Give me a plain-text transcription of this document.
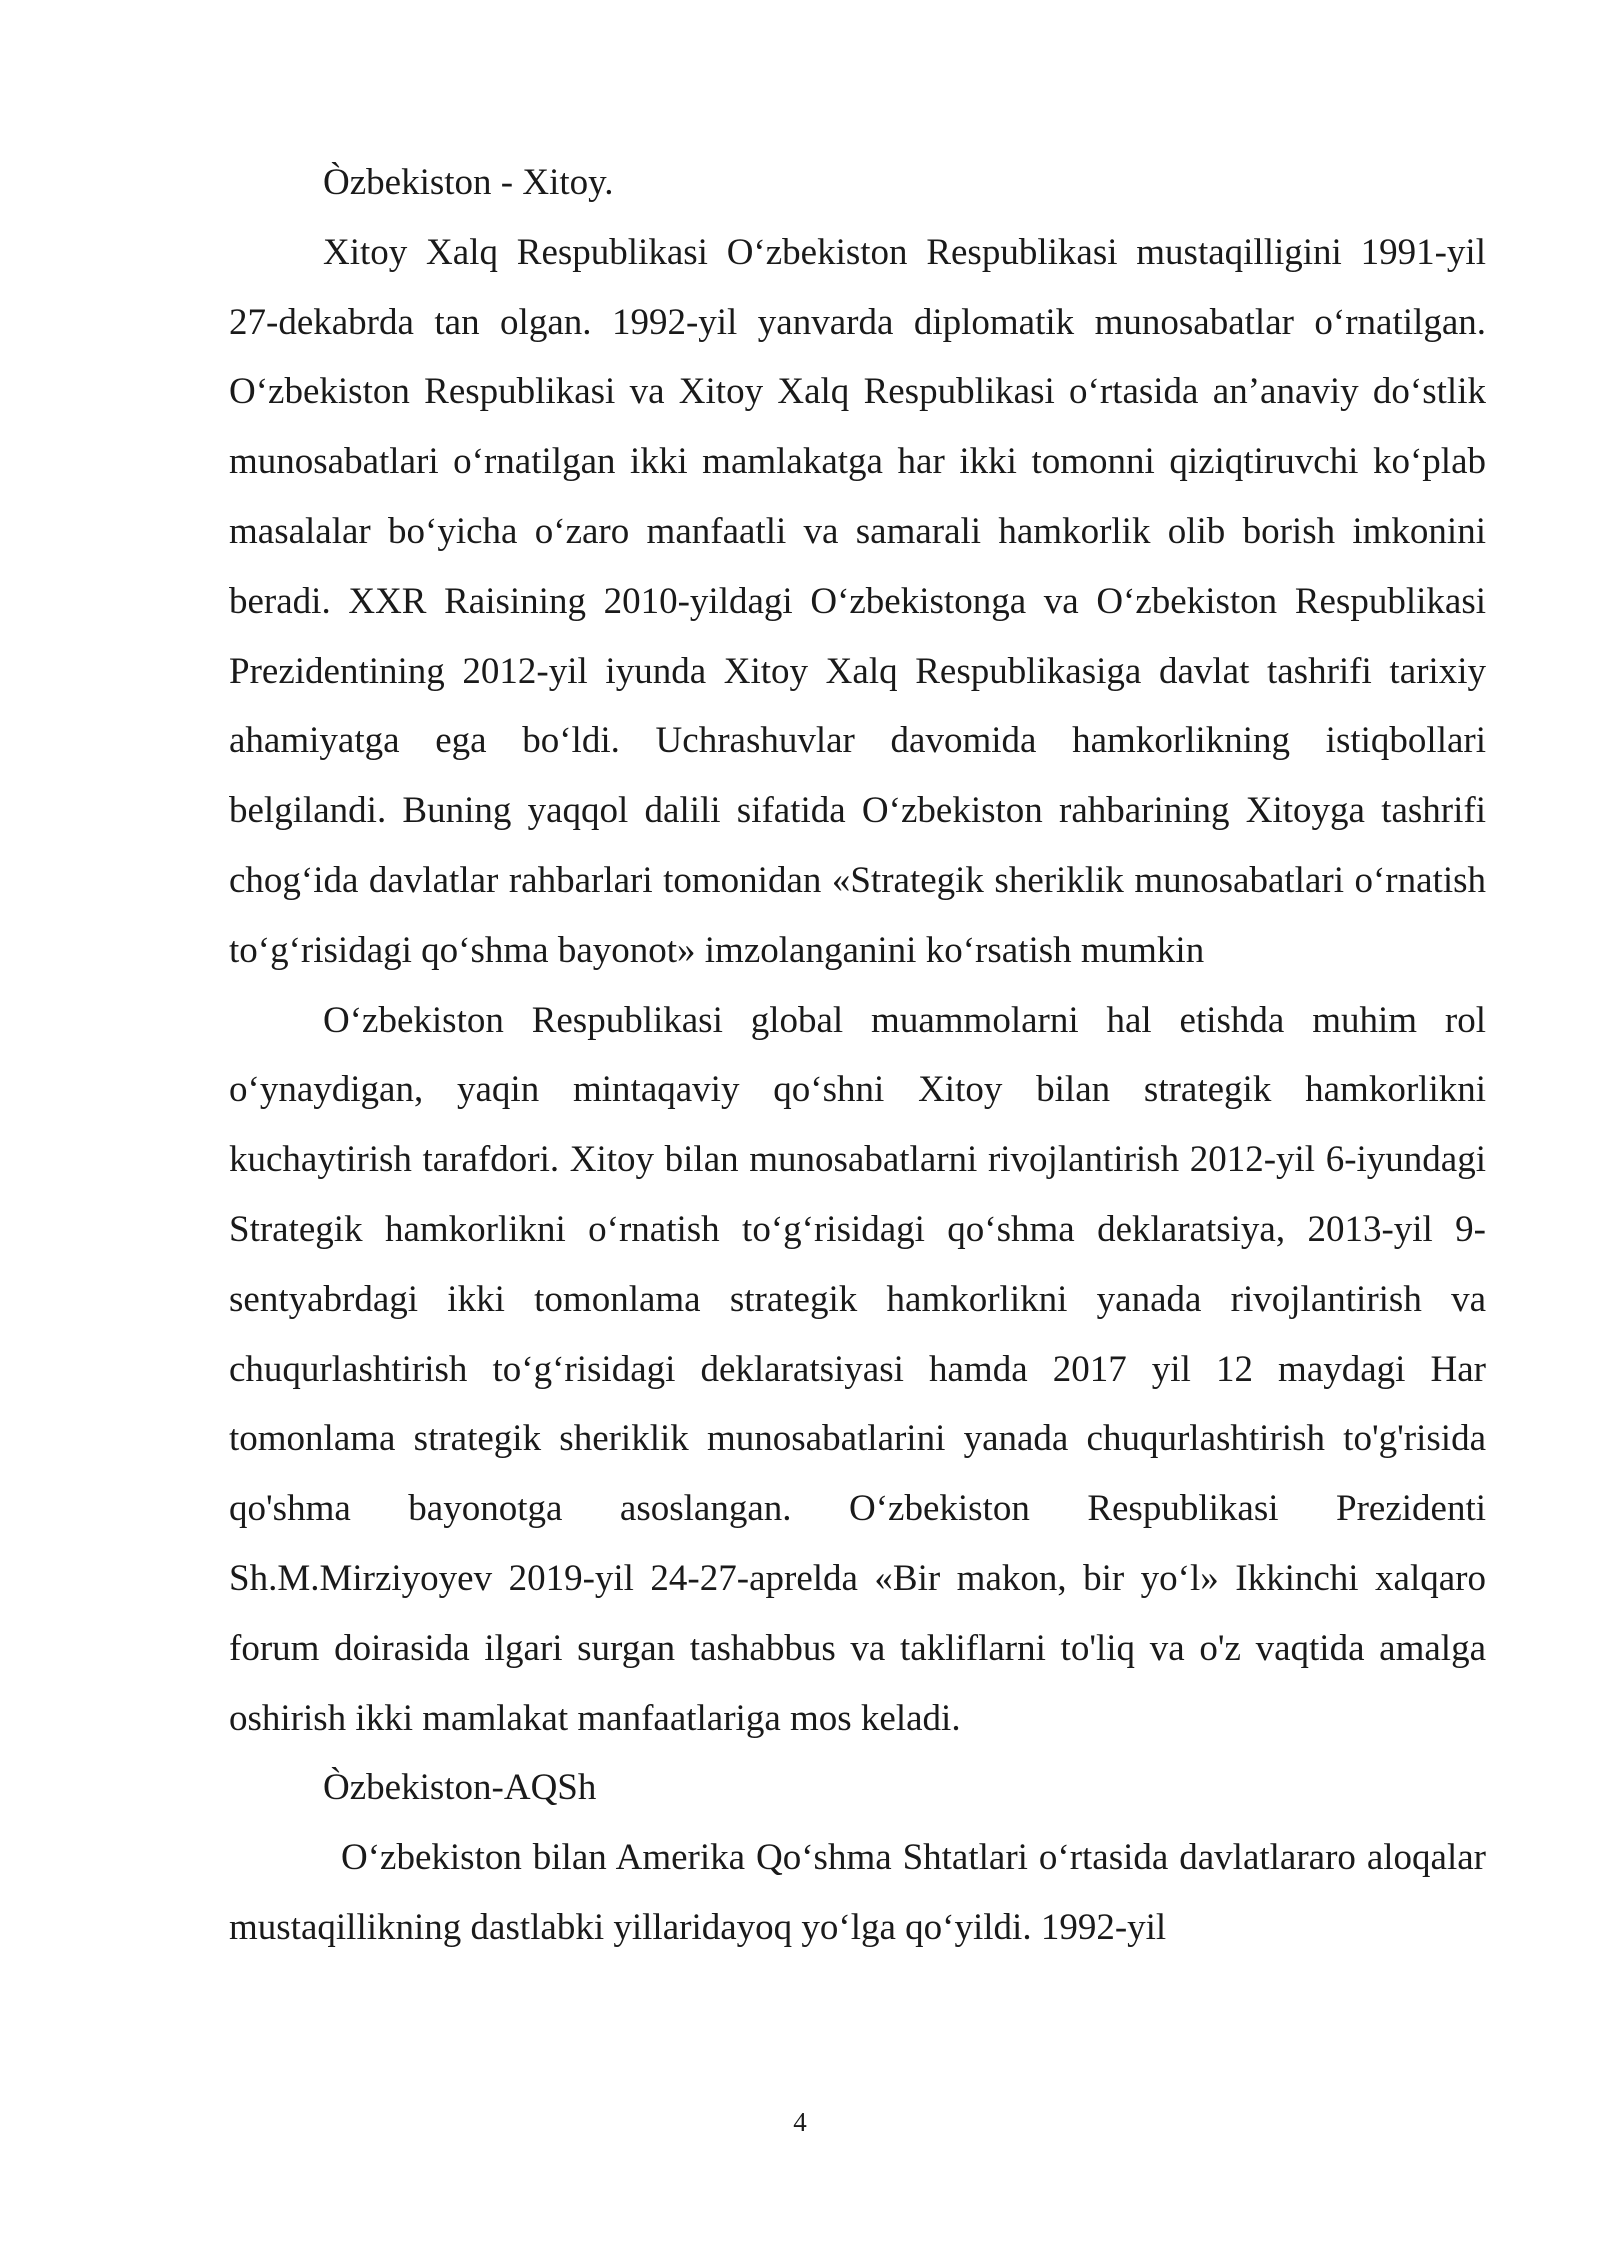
Òzbekiston - Xitoy.

Xitoy Xalq Respublikasi O‘zbekiston Respublikasi mustaqilligini 1991-yil 27-dekabrda tan olgan. 1992-yil yanvarda diplomatik munosabatlar o‘rnatilgan. O‘zbekiston Respublikasi va Xitoy Xalq Respublikasi o‘rtasida an’anaviy do‘stlik munosabatlari o‘rnatilgan ikki mamlakatga har ikki tomonni qiziqtiruvchi ko‘plab masalalar bo‘yicha o‘zaro manfaatli va samarali hamkorlik olib borish imkonini beradi. XXR Raisining 2010-yildagi O‘zbekistonga va O‘zbekiston Respublikasi Prezidentining 2012-yil iyunda Xitoy Xalq Respublikasiga davlat tashrifi tarixiy ahamiyatga ega bo‘ldi. Uchrashuvlar davomida hamkorlikning istiqbollari belgilandi. Buning yaqqol dalili sifatida O‘zbekiston rahbarining Xitoyga tashrifi chog‘ida davlatlar rahbarlari tomonidan «Strategik sheriklik munosabatlari o‘rnatish to‘g‘risidagi qo‘shma bayonot» imzolanganini ko‘rsatish mumkin

O‘zbekiston Respublikasi global muammolarni hal etishda muhim rol o‘ynaydigan, yaqin mintaqaviy qo‘shni Xitoy bilan strategik hamkorlikni kuchaytirish tarafdori. Xitoy bilan munosabatlarni rivojlantirish 2012-yil 6-iyundagi Strategik hamkorlikni o‘rnatish to‘g‘risidagi qo‘shma deklaratsiya, 2013-yil 9-sentyabrdagi ikki tomonlama strategik hamkorlikni yanada rivojlantirish va chuqurlashtirish to‘g‘risidagi deklaratsiyasi hamda 2017 yil 12 maydagi Har tomonlama strategik sheriklik munosabatlarini yanada chuqurlashtirish to'g'risida qo'shma bayonotga asoslangan. O‘zbekiston Respublikasi Prezidenti Sh.M.Mirziyoyev 2019-yil 24-27-aprelda «Bir makon, bir yo‘l» Ikkinchi xalqaro forum doirasida ilgari surgan tashabbus va takliflarni to'liq va o'z vaqtida amalga oshirish ikki mamlakat manfaatlariga mos keladi.

Òzbekiston-AQSh

O‘zbekiston bilan Amerika Qo‘shma Shtatlari o‘rtasida davlatlararo aloqalar mustaqillikning dastlabki yillaridayoq yo‘lga qo‘yildi. 1992-yil

4
